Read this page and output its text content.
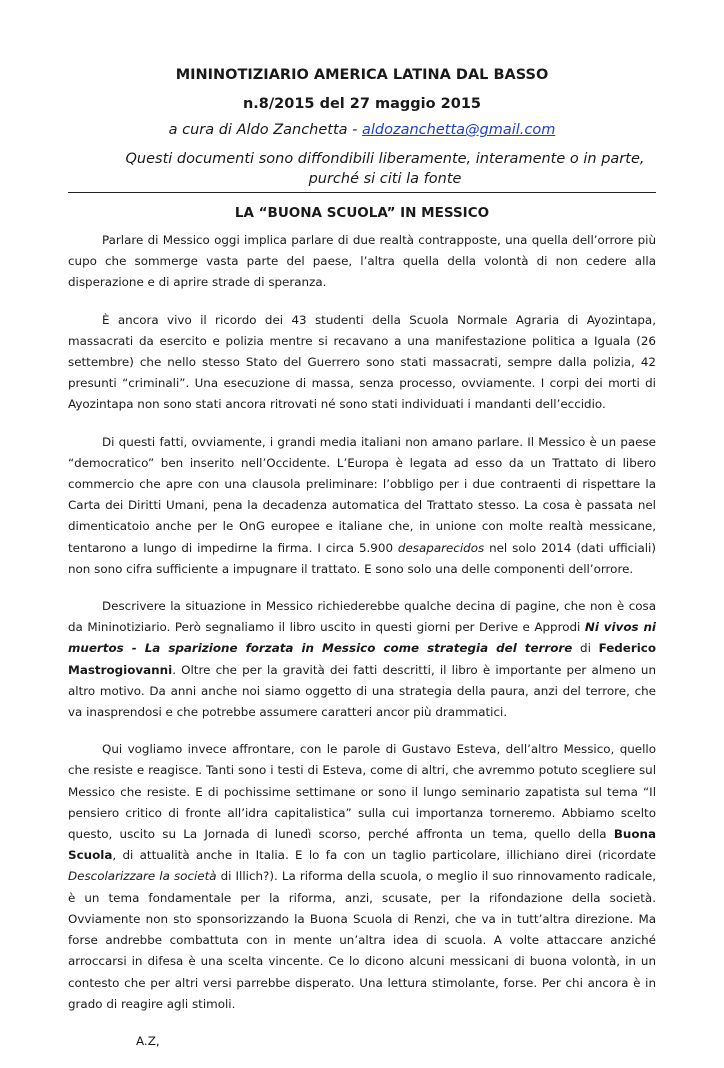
MININOTIZIARIO AMERICA LATINA DAL BASSO

n.8/2015 del 27 maggio 2015

a cura di Aldo Zanchetta - aldozanchetta@gmail.com

Questi documenti sono diffondibili liberamente, interamente o in parte, purché si citi la fonte

LA “BUONA SCUOLA” IN MESSICO

Parlare di Messico oggi implica parlare di due realtà contrapposte, una quella dell’orrore più cupo che sommerge vasta parte del paese, l’altra quella della volontà di non cedere alla disperazione e di aprire strade di speranza.

È ancora vivo il ricordo dei 43 studenti della Scuola Normale Agraria di Ayozintapa, massacrati da esercito e polizia mentre si recavano a una manifestazione politica a Iguala (26 settembre) che nello stesso Stato del Guerrero sono stati massacrati, sempre dalla polizia, 42 presunti “criminali”. Una esecuzione di massa, senza processo, ovviamente. I corpi dei morti di Ayozintapa non sono stati ancora ritrovati né sono stati individuati i mandanti dell’eccidio.

Di questi fatti, ovviamente, i grandi media italiani non amano parlare. Il Messico è un paese “democratico” ben inserito nell’Occidente. L’Europa è legata ad esso da un Trattato di libero commercio che apre con una clausola preliminare: l’obbligo per i due contraenti di rispettare la Carta dei Diritti Umani, pena la decadenza automatica del Trattato stesso. La cosa è passata nel dimenticatoio anche per le OnG europee e italiane che, in unione con molte realtà messicane, tentarono a lungo di impedirne la firma. I circa 5.900 desaparecidos nel solo 2014 (dati ufficiali) non sono cifra sufficiente a impugnare il trattato. E sono solo una delle componenti dell’orrore.

Descrivere la situazione in Messico richiederebbe qualche decina di pagine, che non è cosa da Mininotiziario. Però segnaliamo il libro uscito in questi giorni per Derive e Approdi Ni vivos ni muertos - La sparizione forzata in Messico come strategia del terrore di Federico Mastrogiovanni. Oltre che per la gravità dei fatti descritti, il libro è importante per almeno un altro motivo. Da anni anche noi siamo oggetto di una strategia della paura, anzi del terrore, che va inasprendosi e che potrebbe assumere caratteri ancor più drammatici.

Qui vogliamo invece affrontare, con le parole di Gustavo Esteva, dell’altro Messico, quello che resiste e reagisce. Tanti sono i testi di Esteva, come di altri, che avremmo potuto scegliere sul Messico che resiste. E di pochissime settimane or sono il lungo seminario zapatista sul tema “Il pensiero critico di fronte all’idra capitalistica” sulla cui importanza torneremo. Abbiamo scelto questo, uscito su La Jornada di lunedì scorso, perché affronta un tema, quello della Buona Scuola, di attualità anche in Italia. E lo fa con un taglio particolare, illichiano direi (ricordate Descolarizzare la società di Illich?). La riforma della scuola, o meglio il suo rinnovamento radicale, è un tema fondamentale per la riforma, anzi, scusate, per la rifondazione della società. Ovviamente non sto sponsorizzando la Buona Scuola di Renzi, che va in tutt’altra direzione. Ma forse andrebbe combattuta con in mente un’altra idea di scuola. A volte attaccare anziché arroccarsi in difesa è una scelta vincente. Ce lo dicono alcuni messicani di buona volontà, in un contesto che per altri versi parrebbe disperato. Una lettura stimolante, forse. Per chi ancora è in grado di reagire agli stimoli.

A.Z,
